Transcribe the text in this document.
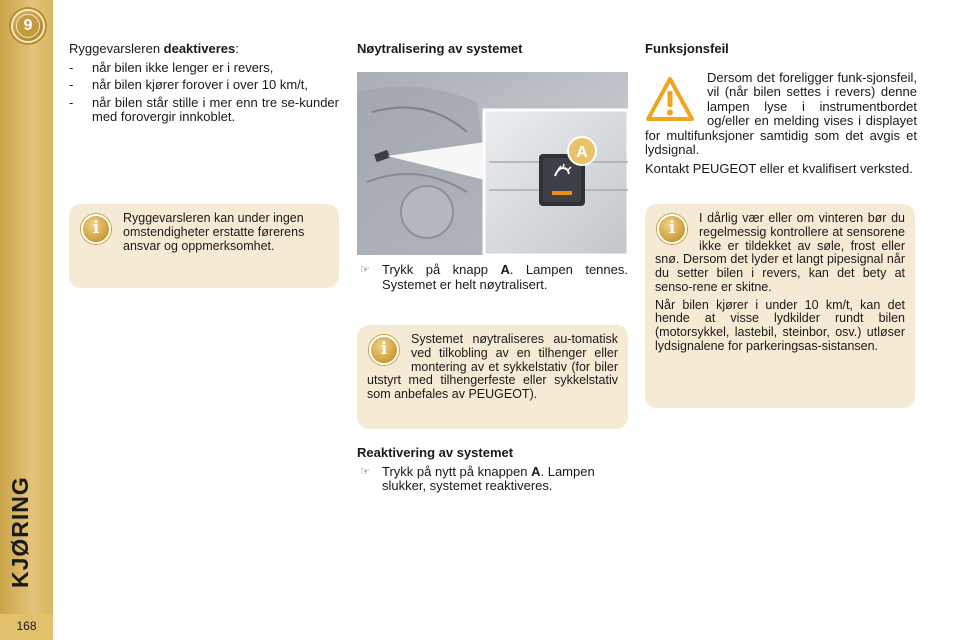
9
KJØRING
168

Ryggevarsleren deaktiveres:

- når bilen ikke lenger er i revers,
- når bilen kjører forover i over 10 km/t,
- når bilen står stille i mer enn tre se-kunder med forovergir innkoblet.
i
Ryggevarsleren kan under ingen omstendigheter erstatte førerens ansvar og oppmerksomhet.
Nøytralisering av systemet
A
☞ Trykk på knapp A. Lampen tennes. Systemet er helt nøytralisert.
i
Systemet nøytraliseres au-tomatisk ved tilkobling av en tilhenger eller montering av et sykkelstativ (for biler utstyrt med tilhengerfeste eller sykkelstativ som anbefales av PEUGEOT).
Reaktivering av systemet
☞ Trykk på nytt på knappen A. Lampen slukker, systemet reaktiveres.
Funksjonsfeil

Dersom det foreligger funk-sjonsfeil, vil (når bilen settes i revers) denne lampen lyse i instrumentbordet og/eller en melding vises i displayet for multifunksjoner samtidig som det avgis et lydsignal.

Kontakt PEUGEOT eller et kvalifisert verksted.

i

I dårlig vær eller om vinteren bør du regelmessig kontrollere at sensorene ikke er tildekket av søle, frost eller snø. Dersom det lyder et langt pipesignal når du setter bilen i revers, kan det bety at senso-rene er skitne.

Når bilen kjører i under 10 km/t, kan det hende at visse lydkilder rundt bilen (motorsykkel, lastebil, steinbor, osv.) utløser lydsignalene for parkeringsas-sistansen.
